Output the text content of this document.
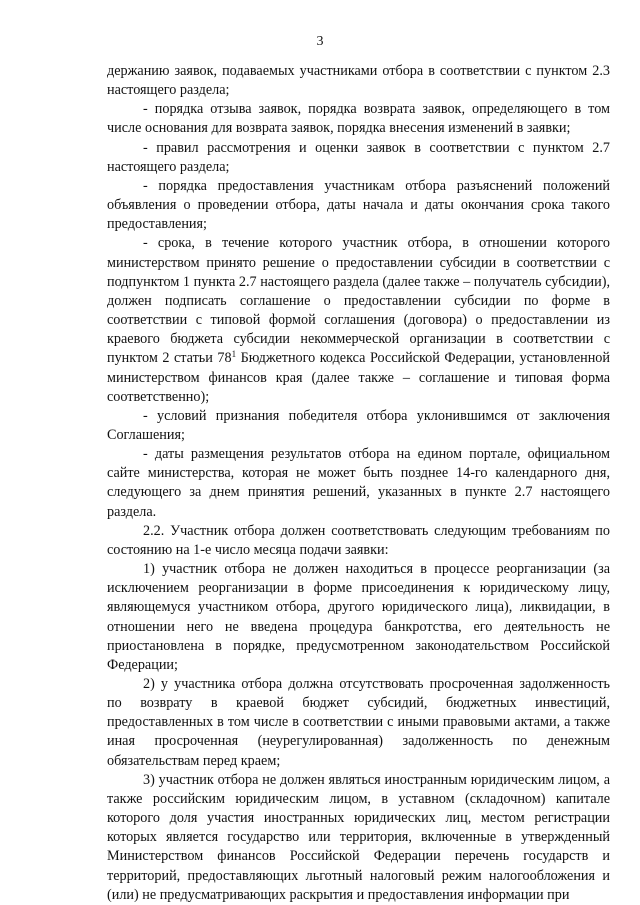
3

держанию заявок, подаваемых участниками отбора в соответствии с пунктом 2.3 настоящего раздела;

- порядка отзыва заявок, порядка возврата заявок, определяющего в том числе основания для возврата заявок, порядка внесения изменений в заявки;

- правил рассмотрения и оценки заявок в соответствии с пунктом 2.7 настоящего раздела;

- порядка предоставления участникам отбора разъяснений положений объявления о проведении отбора, даты начала и даты окончания срока такого предоставления;

- срока, в течение которого участник отбора, в отношении которого министерством принято решение о предоставлении субсидии в соответствии с подпунктом 1 пункта 2.7 настоящего раздела (далее также – получатель субсидии), должен подписать соглашение о предоставлении субсидии по форме в соответствии с типовой формой соглашения (договора) о предоставлении из краевого бюджета субсидии некоммерческой организации в соответствии с пунктом 2 статьи $78^1$ Бюджетного кодекса Российской Федерации, установленной министерством финансов края (далее также – соглашение и типовая форма соответственно);

- условий признания победителя отбора уклонившимся от заключения Соглашения;

- даты размещения результатов отбора на едином портале, официальном сайте министерства, которая не может быть позднее 14-го календарного дня, следующего за днем принятия решений, указанных в пункте 2.7 настоящего раздела.

2.2. Участник отбора должен соответствовать следующим требованиям по состоянию на 1-е число месяца подачи заявки:

1) участник отбора не должен находиться в процессе реорганизации (за исключением реорганизации в форме присоединения к юридическому лицу, являющемуся участником отбора, другого юридического лица), ликвидации, в отношении него не введена процедура банкротства, его деятельность не приостановлена в порядке, предусмотренном законодательством Российской Федерации;

2) у участника отбора должна отсутствовать просроченная задолженность по возврату в краевой бюджет субсидий, бюджетных инвестиций, предоставленных в том числе в соответствии с иными правовыми актами, а также иная просроченная (неурегулированная) задолженность по денежным обязательствам перед краем;

3) участник отбора не должен являться иностранным юридическим лицом, а также российским юридическим лицом, в уставном (складочном) капитале которого доля участия иностранных юридических лиц, местом регистрации которых является государство или территория, включенные в утвержденный Министерством финансов Российской Федерации перечень государств и территорий, предоставляющих льготный налоговый режим налогообложения и (или) не предусматривающих раскрытия и предоставления информации при
